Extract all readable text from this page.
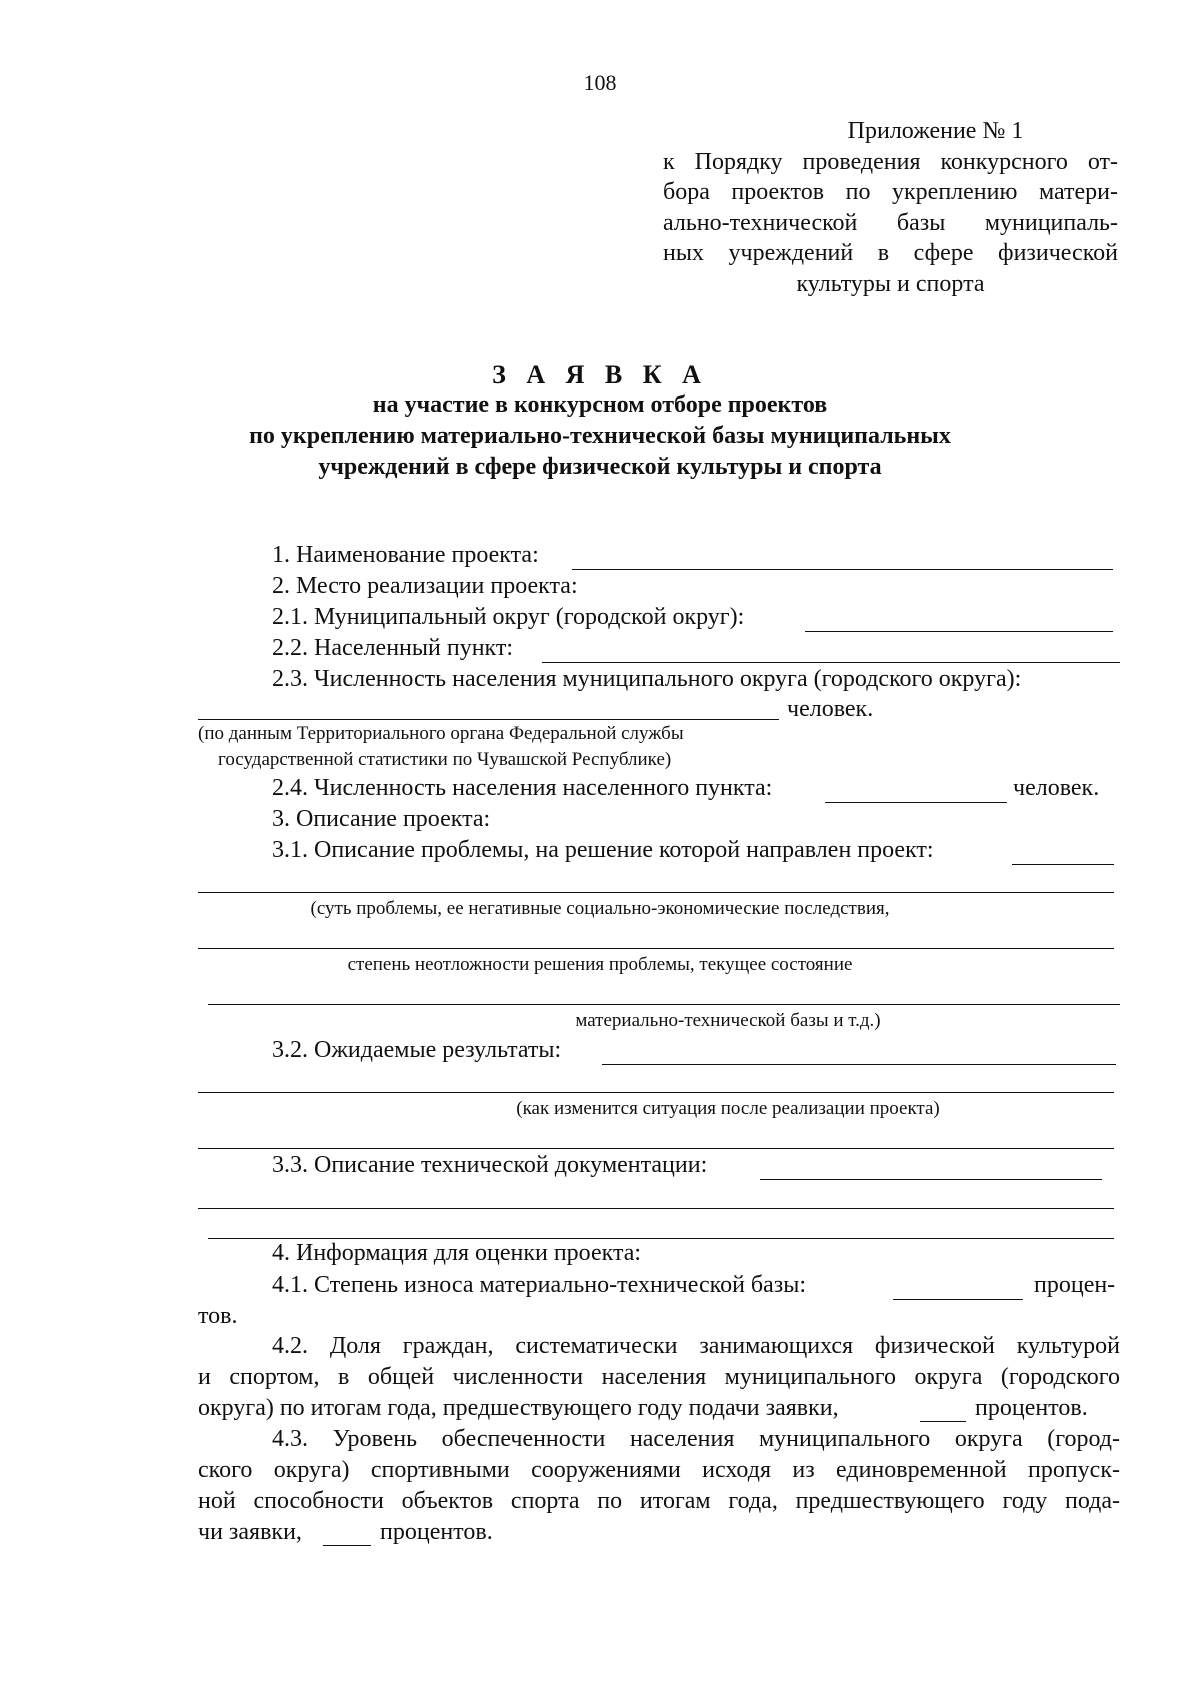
108
Приложение № 1
к Порядку проведения конкурсного от-
бора проектов по укреплению матери-
ально-технической базы муниципаль-
ных учреждений в сфере физической
культуры и спорта
З А Я В К А
на участие в конкурсном отборе проектов
по укреплению материально-технической базы муниципальных
учреждений в сфере физической культуры и спорта
1. Наименование проекта:
2. Место реализации проекта:
2.1. Муниципальный округ (городской округ):
2.2. Населенный пункт:
2.3. Численность населения муниципального округа (городского округа):
человек.
(по данным Территориального органа Федеральной службы
государственной статистики по Чувашской Республике)
2.4. Численность населения населенного пункта:	человек.
3. Описание проекта:
3.1. Описание проблемы, на решение которой направлен проект:
(суть проблемы, ее негативные социально-экономические последствия,
степень неотложности решения проблемы, текущее состояние
материально-технической базы и т.д.)
3.2. Ожидаемые результаты:
(как изменится ситуация после реализации проекта)
3.3. Описание технической документации:
4. Информация для оценки проекта:
4.1. Степень износа материально-технической базы:	процен-
тов.
4.2. Доля граждан, систематически занимающихся физической культурой
и спортом, в общей численности населения муниципального округа (городского
округа) по итогам года, предшествующего году подачи заявки,	процентов.
4.3. Уровень обеспеченности населения муниципального округа (город-
ского округа) спортивными сооружениями исходя из единовременной пропуск-
ной способности объектов спорта по итогам года, предшествующего году пода-
чи заявки,	процентов.
